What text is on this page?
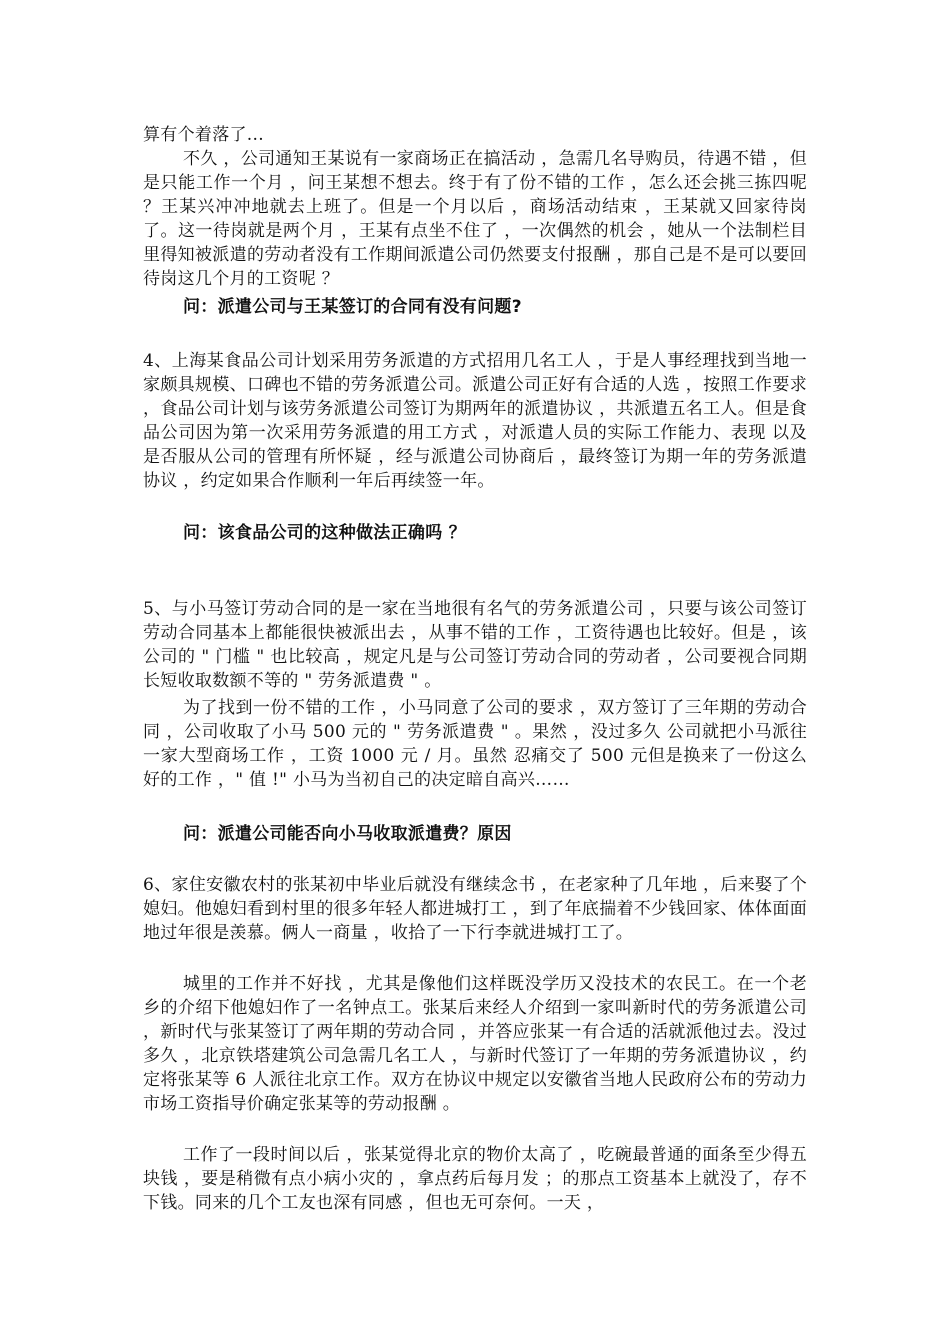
算有个着落了...

不久 ，公司通知王某说有一家商场正在搞活动 ，急需几名导购员，待遇不错 ，但是只能工作一个月 ，问王某想不想去。终于有了份不错的工作 ，怎么还会挑三拣四呢 ？王某兴冲冲地就去上班了。但是一个月以后 ，商场活动结束 ，王某就又回家待岗了。这一待岗就是两个月 ，王某有点坐不住了 ，一次偶然的机会 ，她从一个法制栏目里得知被派遣的劳动者没有工作期间派遣公司仍然要支付报酬 ，那自己是不是可以要回待岗这几个月的工资呢 ？

问：派遣公司与王某签订的合同有没有问题?

4、上海某食品公司计划采用劳务派遣的方式招用几名工人 ，于是人事经理找到当地一家颇具规模、口碑也不错的劳务派遣公司。派遣公司正好有合适的人选 ，按照工作要求 ，食品公司计划与该劳务派遣公司签订为期两年的派遣协议 ，共派遣五名工人。但是食品公司因为第一次采用劳务派遣的用工方式 ，对派遣人员的实际工作能力、表现 以及是否服从公司的管理有所怀疑 ，经与派遣公司协商后 ，最终签订为期一年的劳务派遣协议 ，约定如果合作顺利一年后再续签一年。

问：该食品公司的这种做法正确吗 ？

5、与小马签订劳动合同的是一家在当地很有名气的劳务派遣公司 ，只要与该公司签订劳动合同基本上都能很快被派出去 ，从事不错的工作 ，工资待遇也比较好。但是 ，该公司的 " 门槛 " 也比较高 ，规定凡是与公司签订劳动合同的劳动者 ，公司要视合同期长短收取数额不等的 " 劳务派遣费 " 。

为了找到一份不错的工作 ，小马同意了公司的要求 ，双方签订了三年期的劳动合同 ，公司收取了小马 500 元的 " 劳务派遣费 " 。果然 ，没过多久 公司就把小马派往一家大型商场工作 ，工资 1000 元 / 月。虽然 忍痛交了 500 元但是换来了一份这么好的工作 ，" 值 !" 小马为当初自己的决定暗自高兴……

问：派遣公司能否向小马收取派遣费？原因

6、家住安徽农村的张某初中毕业后就没有继续念书 ，在老家种了几年地 ，后来娶了个媳妇。他媳妇看到村里的很多年轻人都进城打工 ，到了年底揣着不少钱回家、体体面面地过年很是羡慕。俩人一商量 ，收拾了一下行李就进城打工了。

城里的工作并不好找 ，尤其是像他们这样既没学历又没技术的农民工。在一个老乡的介绍下他媳妇作了一名钟点工。张某后来经人介绍到一家叫新时代的劳务派遣公司 ，新时代与张某签订了两年期的劳动合同 ，并答应张某一有合适的活就派他过去。没过多久 ，北京铁塔建筑公司急需几名工人 ，与新时代签订了一年期的劳务派遣协议 ，约定将张某等 6 人派往北京工作。双方在协议中规定以安徽省当地人民政府公布的劳动力市场工资指导价确定张某等的劳动报酬 。

工作了一段时间以后 ，张某觉得北京的物价太高了 ，吃碗最普通的面条至少得五块钱 ，要是稍微有点小病小灾的 ，拿点药后每月发 ；的那点工资基本上就没了，存不下钱。同来的几个工友也深有同感 ，但也无可奈何。一天 ，
